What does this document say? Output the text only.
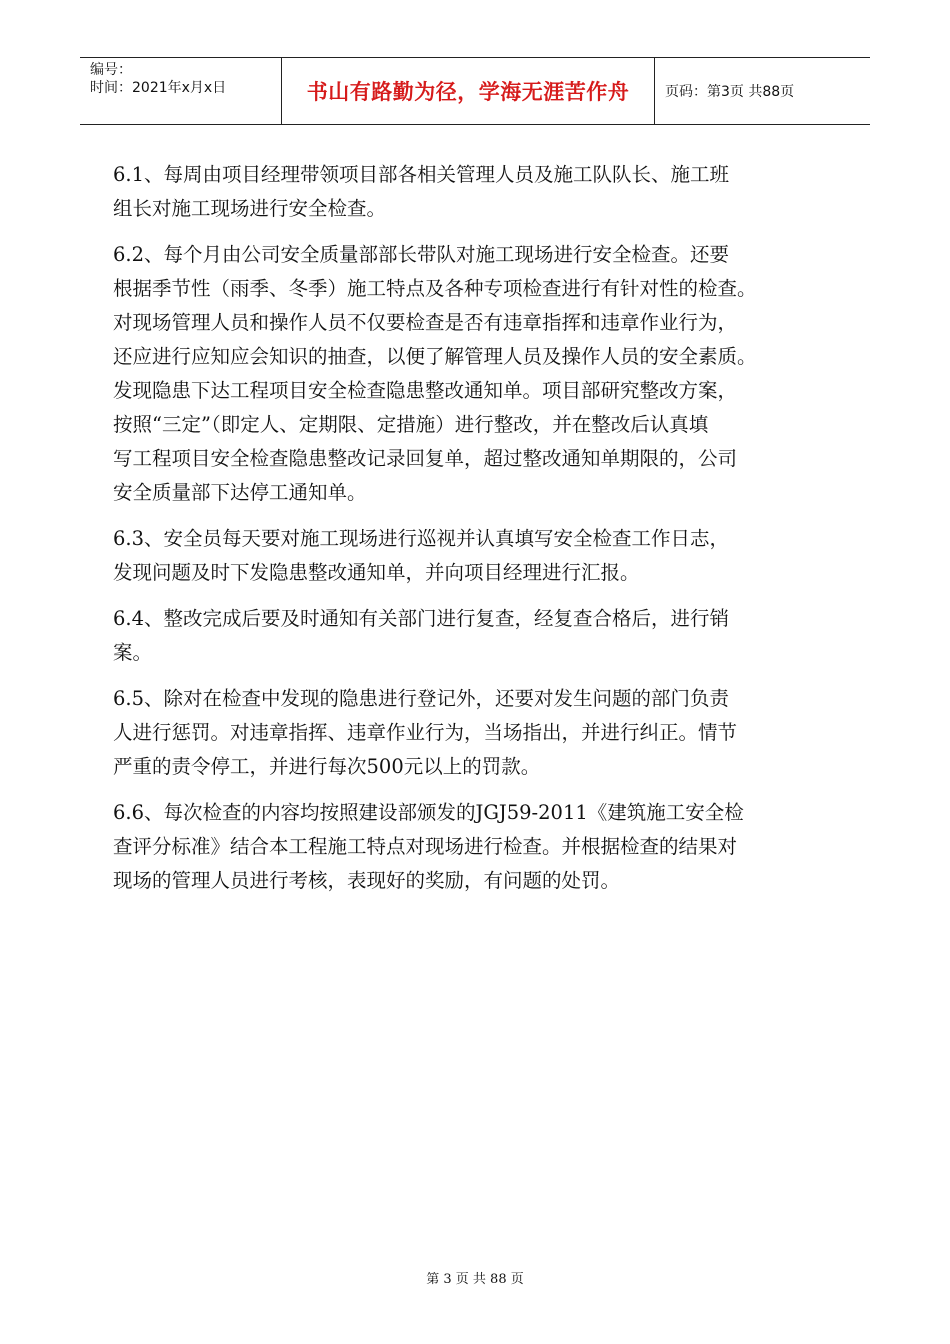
编号：
时间：2021年x月x日	书山有路勤为径，学海无涯苦作舟	页码：第3页 共88页

6.1、每周由项目经理带领项目部各相关管理人员及施工队队长、施工班
组长对施工现场进行安全检查。

6.2、每个月由公司安全质量部部长带队对施工现场进行安全检查。还要
根据季节性（雨季、冬季）施工特点及各种专项检查进行有针对性的检查。
对现场管理人员和操作人员不仅要检查是否有违章指挥和违章作业行为，
还应进行应知应会知识的抽查，以便了解管理人员及操作人员的安全素质。
发现隐患下达工程项目安全检查隐患整改通知单。项目部研究整改方案，
按照“三定”（即定人、定期限、定措施）进行整改，并在整改后认真填
写工程项目安全检查隐患整改记录回复单，超过整改通知单期限的，公司
安全质量部下达停工通知单。

6.3、安全员每天要对施工现场进行巡视并认真填写安全检查工作日志，
发现问题及时下发隐患整改通知单，并向项目经理进行汇报。

6.4、整改完成后要及时通知有关部门进行复查，经复查合格后，进行销
案。

6.5、除对在检查中发现的隐患进行登记外，还要对发生问题的部门负责
人进行惩罚。对违章指挥、违章作业行为，当场指出，并进行纠正。情节
严重的责令停工，并进行每次500元以上的罚款。

6.6、每次检查的内容均按照建设部颁发的JGJ59-2011《建筑施工安全检
查评分标准》结合本工程施工特点对现场进行检查。并根据检查的结果对
现场的管理人员进行考核，表现好的奖励，有问题的处罚。

第 3 页 共 88 页
